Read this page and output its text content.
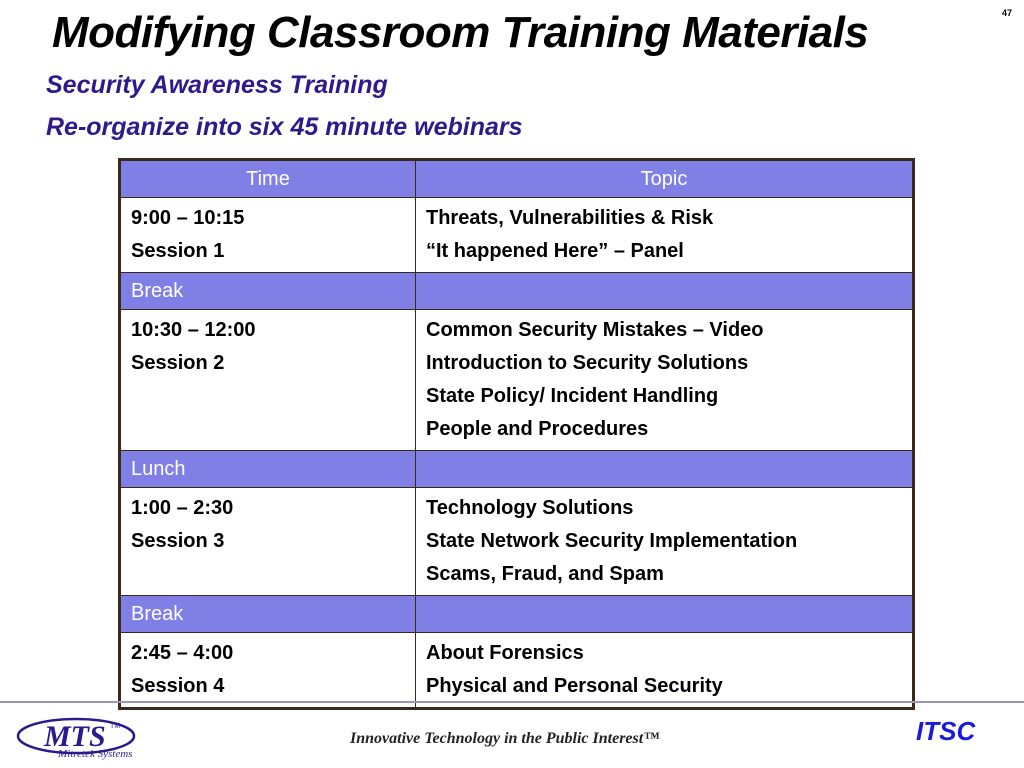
Modifying Classroom Training Materials	47
Security Awareness Training
Re-organize into six 45 minute webinars
Time	Topic

9:00 – 10:15
Session 1	Threats, Vulnerabilities & Risk
“It happened Here” – Panel

Break	

10:30 – 12:00
Session 2	Common Security Mistakes – Video
Introduction to Security Solutions
State Policy/ Incident Handling
People and Procedures

Lunch	

1:00 – 2:30
Session 3	Technology Solutions
State Network Security Implementation
Scams, Fraud, and Spam

Break	

2:45 – 4:00
Session 4	About Forensics
Physical and Personal Security
MTS TM
Mitretek Systems
Innovative Technology in the Public Interest™	ITSC
